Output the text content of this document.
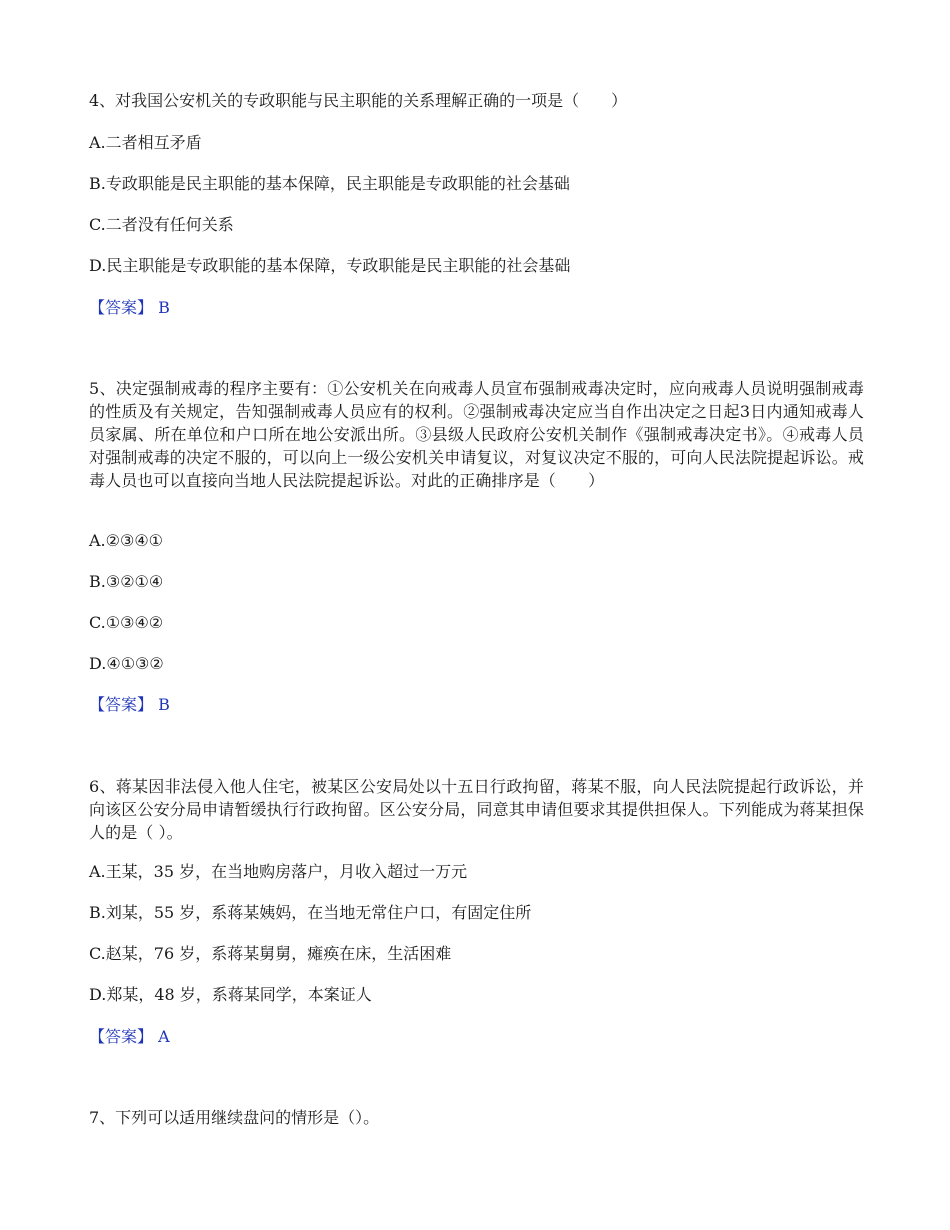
4、对我国公安机关的专政职能与民主职能的关系理解正确的一项是（　　）
A.二者相互矛盾
B.专政职能是民主职能的基本保障，民主职能是专政职能的社会基础
C.二者没有任何关系
D.民主职能是专政职能的基本保障，专政职能是民主职能的社会基础
【答案】 B
5、决定强制戒毒的程序主要有：①公安机关在向戒毒人员宣布强制戒毒决定时，应向戒毒人员说明强制戒毒的性质及有关规定，告知强制戒毒人员应有的权利。②强制戒毒决定应当自作出决定之日起3日内通知戒毒人员家属、所在单位和户口所在地公安派出所。③县级人民政府公安机关制作《强制戒毒决定书》。④戒毒人员对强制戒毒的决定不服的，可以向上一级公安机关申请复议，对复议决定不服的，可向人民法院提起诉讼。戒毒人员也可以直接向当地人民法院提起诉讼。对此的正确排序是（　　）
A.②③④①
B.③②①④
C.①③④②
D.④①③②
【答案】 B
6、蒋某因非法侵入他人住宅，被某区公安局处以十五日行政拘留，蒋某不服，向人民法院提起行政诉讼，并向该区公安分局申请暂缓执行行政拘留。区公安分局，同意其申请但要求其提供担保人。下列能成为蒋某担保人的是（ ）。
A.王某，35 岁，在当地购房落户，月收入超过一万元
B.刘某，55 岁，系蒋某姨妈，在当地无常住户口，有固定住所
C.赵某，76 岁，系蒋某舅舅，瘫痪在床，生活困难
D.郑某，48 岁，系蒋某同学，本案证人
【答案】 A
7、下列可以适用继续盘问的情形是（）。
